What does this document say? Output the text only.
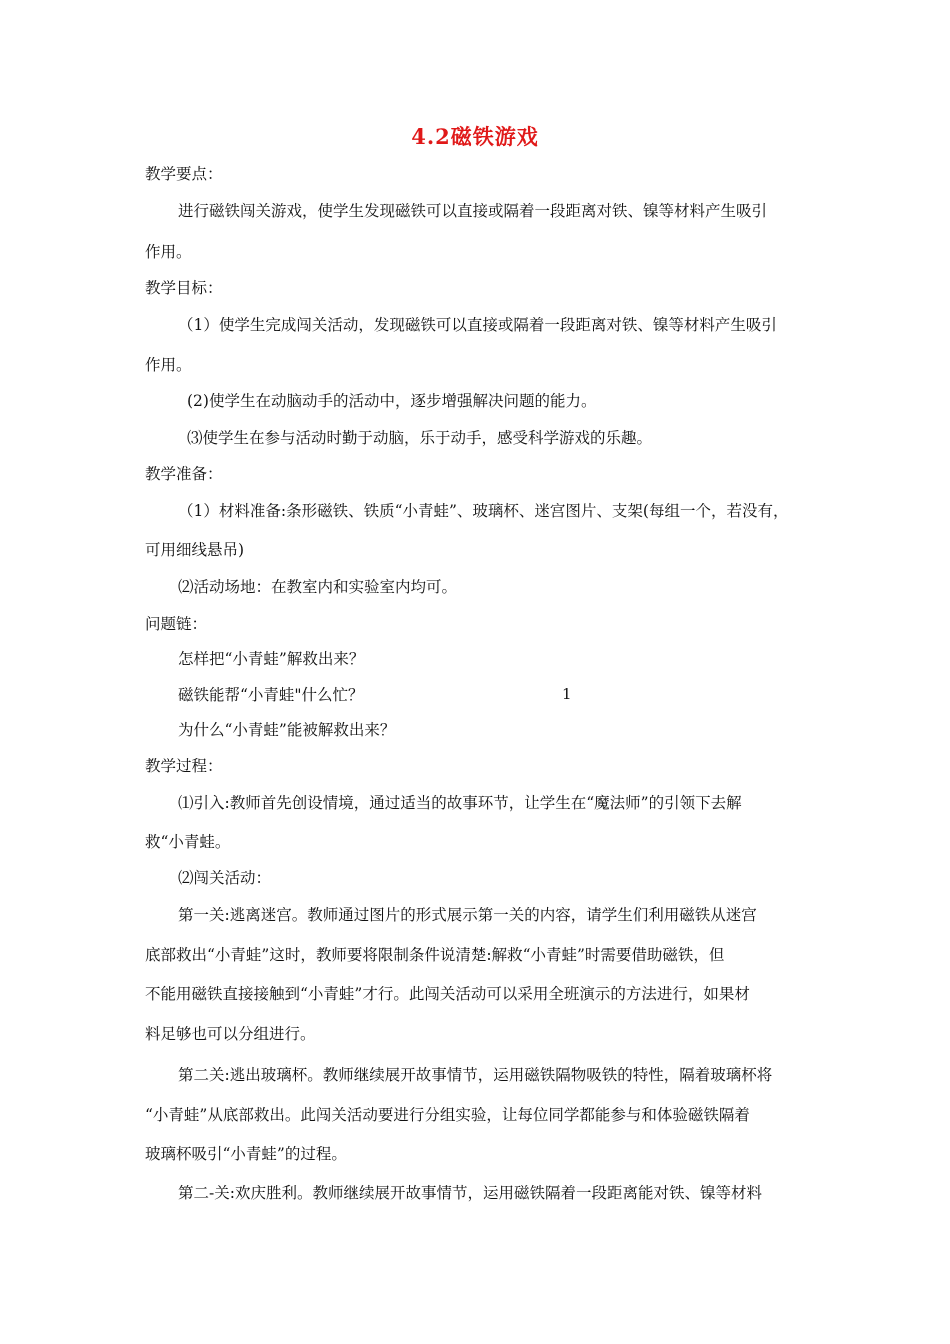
4.2磁铁游戏
教学要点：
进行磁铁闯关游戏，使学生发现磁铁可以直接或隔着一段距离对铁、镍等材料产生吸引
作用。
教学目标：
（1）使学生完成闯关活动，发现磁铁可以直接或隔着一段距离对铁、镍等材料产生吸引
作用。
(2)使学生在动脑动手的活动中，逐步增强解决问题的能力。
⑶使学生在参与活动时勤于动脑，乐于动手，感受科学游戏的乐趣。
教学准备：
（1）材料准备:条形磁铁、铁质“小青蛙”、玻璃杯、迷宫图片、支架(每组一个，若没有，
可用细线悬吊)
⑵活动场地：在教室内和实验室内均可。
问题链：
怎样把“小青蛙”解救出来？
磁铁能帮“小青蛙"什么忙？	1
为什么“小青蛙”能被解救出来？
教学过程：
⑴引入:教师首先创设情境，通过适当的故事环节，让学生在“魔法师”的引领下去解
救“小青蛙。
⑵闯关活动：
第一关:逃离迷宫。教师通过图片的形式展示第一关的内容，请学生们利用磁铁从迷宫
底部救出“小青蛙”这时，教师要将限制条件说清楚:解救“小青蛙”时需要借助磁铁，但
不能用磁铁直接接触到“小青蛙”才行。此闯关活动可以采用全班演示的方法进行，如果材
料足够也可以分组进行。
第二关:逃出玻璃杯。教师继续展开故事情节，运用磁铁隔物吸铁的特性，隔着玻璃杯将
“小青蛙”从底部救出。此闯关活动要进行分组实验，让每位同学都能参与和体验磁铁隔着
玻璃杯吸引“小青蛙”的过程。
第二-关:欢庆胜利。教师继续展开故事情节，运用磁铁隔着一段距离能对铁、镍等材料
